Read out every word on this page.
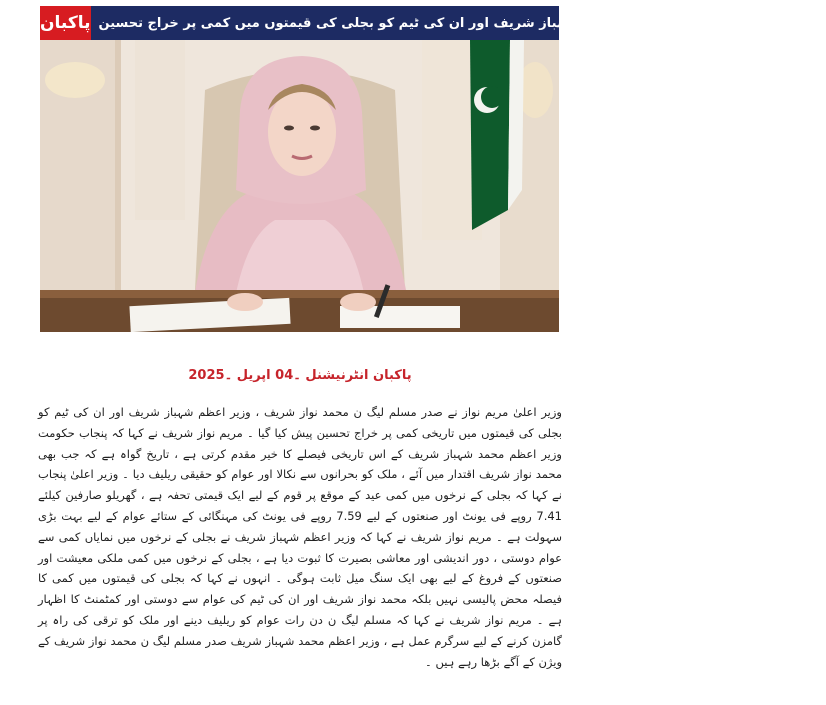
پاکبان مریم نواز کا نواز شریف ، وزیر اعظم شہباز شریف اور ان کی ٹیم کو بجلی کی قیمتوں میں کمی پر خراج تحسین
پاکبان انٹرنیشنل ۔04 اپریل ۔2025
وزیر اعلیٰ مریم نواز نے صدر مسلم لیگ ن محمد نواز شریف ، وزیر اعظم شہباز شریف اور ان کی ٹیم کو بجلی کی قیمتوں میں تاریخی کمی پر خراج تحسین پیش کیا گیا ۔ مریم نواز شریف نے کہا کہ پنجاب حکومت وزیر اعظم محمد شہباز شریف کے اس تاریخی فیصلے کا خیر مقدم کرتی ہے ، تاریخ گواہ ہے کہ جب بھی محمد نواز شریف اقتدار میں آئے ، ملک کو بحرانوں سے نکالا اور عوام کو حقیقی ریلیف دیا ۔ وزیر اعلیٰ پنجاب نے کہا کہ بجلی کے نرخوں میں کمی عید کے موقع پر قوم کے لیے ایک قیمتی تحفہ ہے ، گھریلو صارفین کیلئے 7.41 روپے فی یونٹ اور صنعتوں کے لیے 7.59 روپے فی یونٹ کی مہنگائی کے ستائے عوام کے لیے بہت بڑی سہولت ہے ۔ مریم نواز شریف نے کہا کہ وزیر اعظم شہباز شریف نے بجلی کے نرخوں میں نمایاں کمی سے عوام دوستی ، دور اندیشی اور معاشی بصیرت کا ثبوت دیا ہے ، بجلی کے نرخوں میں کمی ملکی معیشت اور صنعتوں کے فروغ کے لیے بھی ایک سنگ میل ثابت ہوگی ۔ انہوں نے کہا کہ بجلی کی قیمتوں میں کمی کا فیصلہ محض پالیسی نہیں بلکہ محمد نواز شریف اور ان کی ٹیم کی عوام سے دوستی اور کمٹمنٹ کا اظہار ہے ۔ مریم نواز شریف نے کہا کہ مسلم لیگ ن دن رات عوام کو ریلیف دینے اور ملک کو ترقی کی راہ پر گامزن کرنے کے لیے سرگرم عمل ہے ، وزیر اعظم محمد شہباز شریف صدر مسلم لیگ ن محمد نواز شریف کے ویژن کے آگے بڑھا رہے ہیں ۔
